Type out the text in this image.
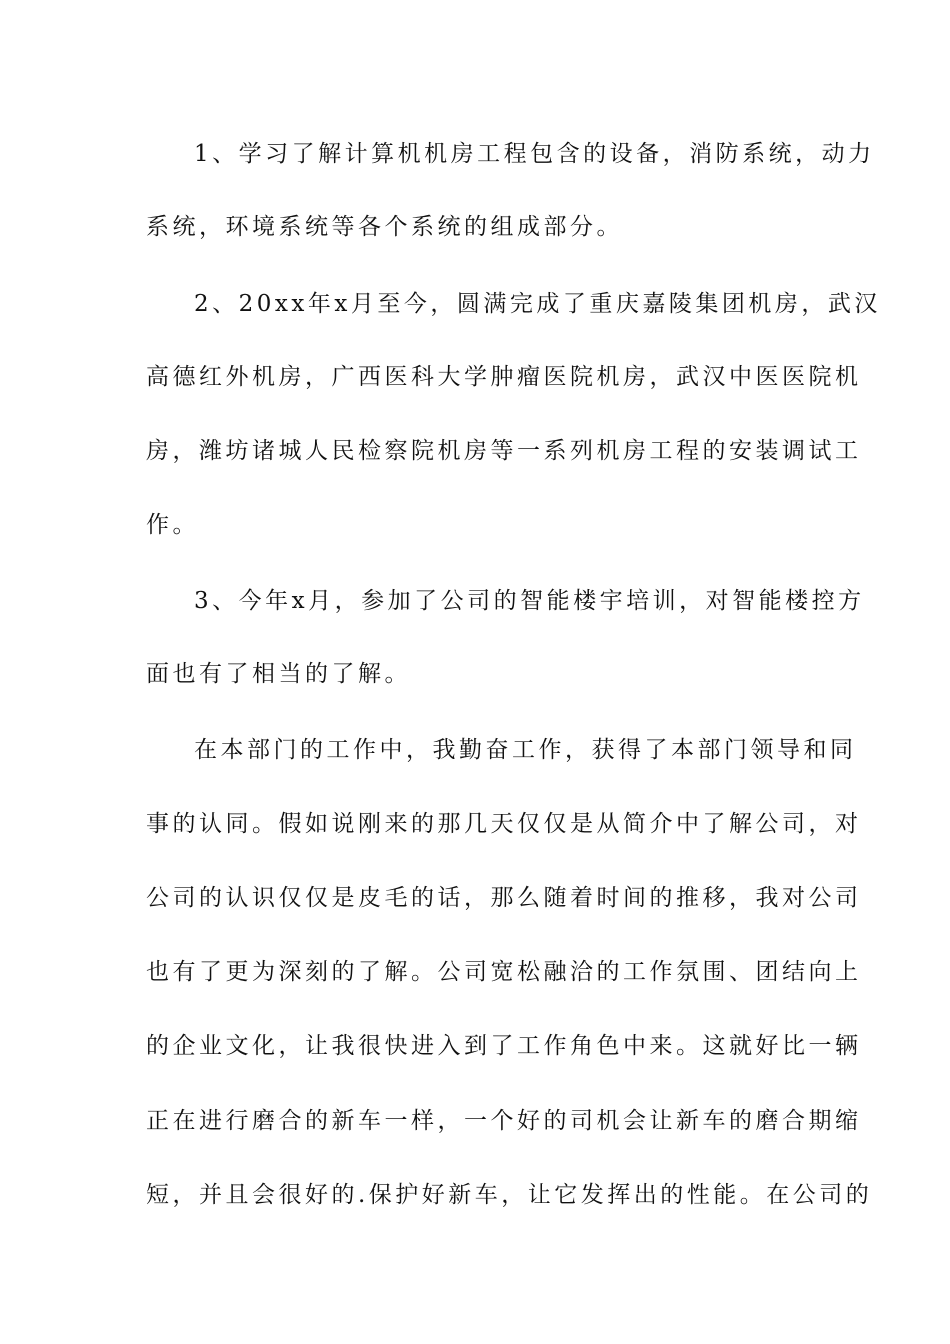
1、学习了解计算机机房工程包含的设备，消防系统，动力
系统，环境系统等各个系统的组成部分。
2、20xx年x月至今，圆满完成了重庆嘉陵集团机房，武汉
高德红外机房，广西医科大学肿瘤医院机房，武汉中医医院机
房，潍坊诸城人民检察院机房等一系列机房工程的安装调试工
作。
3、今年x月，参加了公司的智能楼宇培训，对智能楼控方
面也有了相当的了解。
在本部门的工作中，我勤奋工作，获得了本部门领导和同
事的认同。假如说刚来的那几天仅仅是从简介中了解公司，对
公司的认识仅仅是皮毛的话，那么随着时间的推移，我对公司
也有了更为深刻的了解。公司宽松融洽的工作氛围、团结向上
的企业文化，让我很快进入到了工作角色中来。这就好比一辆
正在进行磨合的新车一样，一个好的司机会让新车的磨合期缩
短，并且会很好的.保护好新车，让它发挥出的性能。在公司的
